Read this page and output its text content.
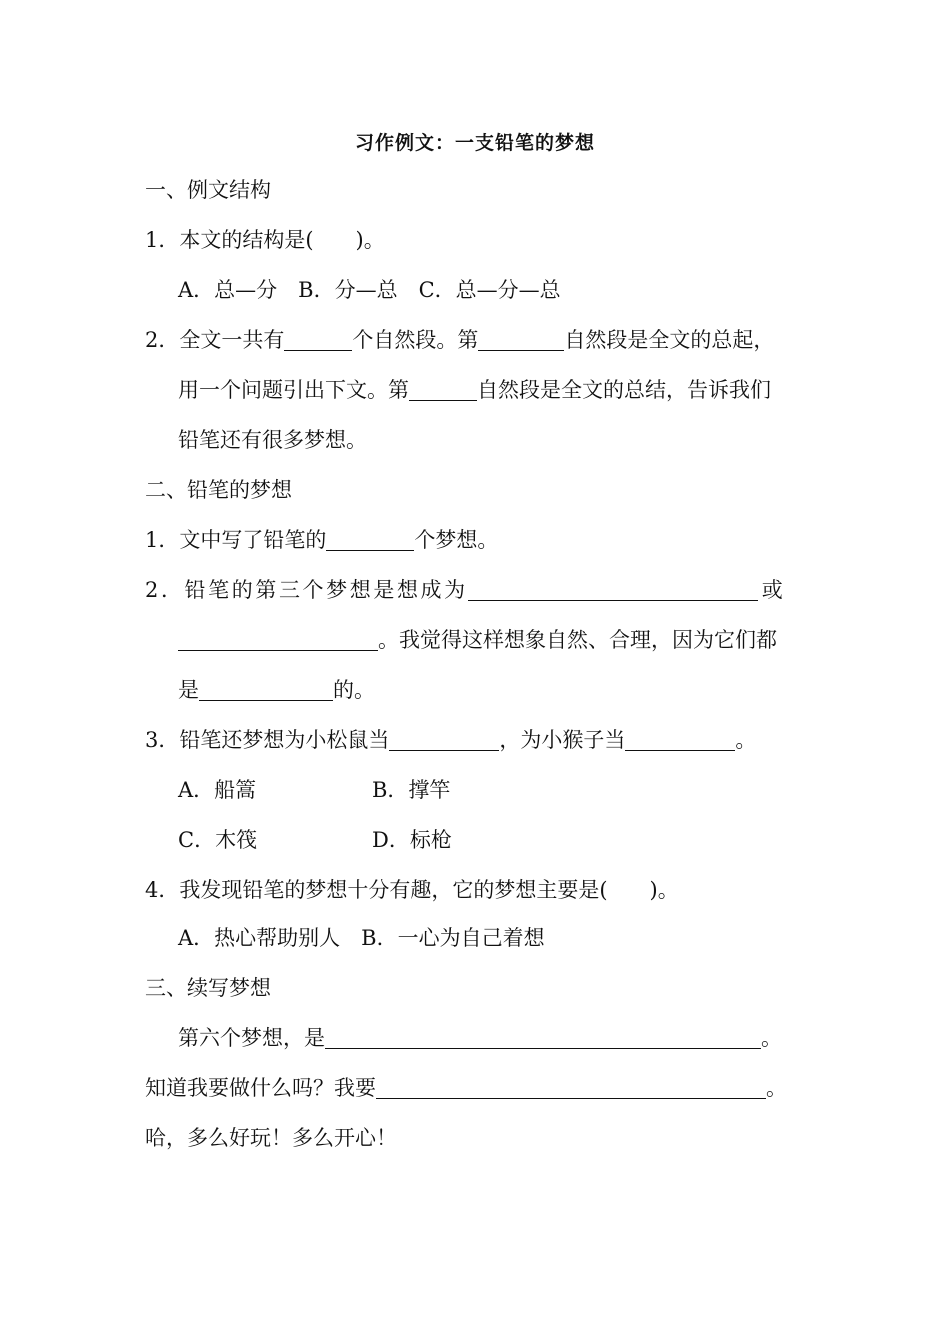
习作例文：一支铅笔的梦想
一、例文结构
1．本文的结构是(　　)。
A．总—分　B．分—总　C．总—分—总
2．全文一共有	个自然段。第	自然段是全文的总起，
用一个问题引出下文。第	自然段是全文的总结，告诉我们
铅笔还有很多梦想。
二、铅笔的梦想
1．文中写了铅笔的	个梦想。
2．铅笔的第三个梦想是想成为	或
。我觉得这样想象自然、合理，因为它们都
是	的。
3．铅笔还梦想为小松鼠当	，为小猴子当	。
A．船篙	B．撑竿
C．木筏	D．标枪
4．我发现铅笔的梦想十分有趣，它的梦想主要是(　　)。
A．热心帮助别人　B．一心为自己着想
三、续写梦想
第六个梦想，是	。
知道我要做什么吗？我要	。
哈，多么好玩！多么开心！
